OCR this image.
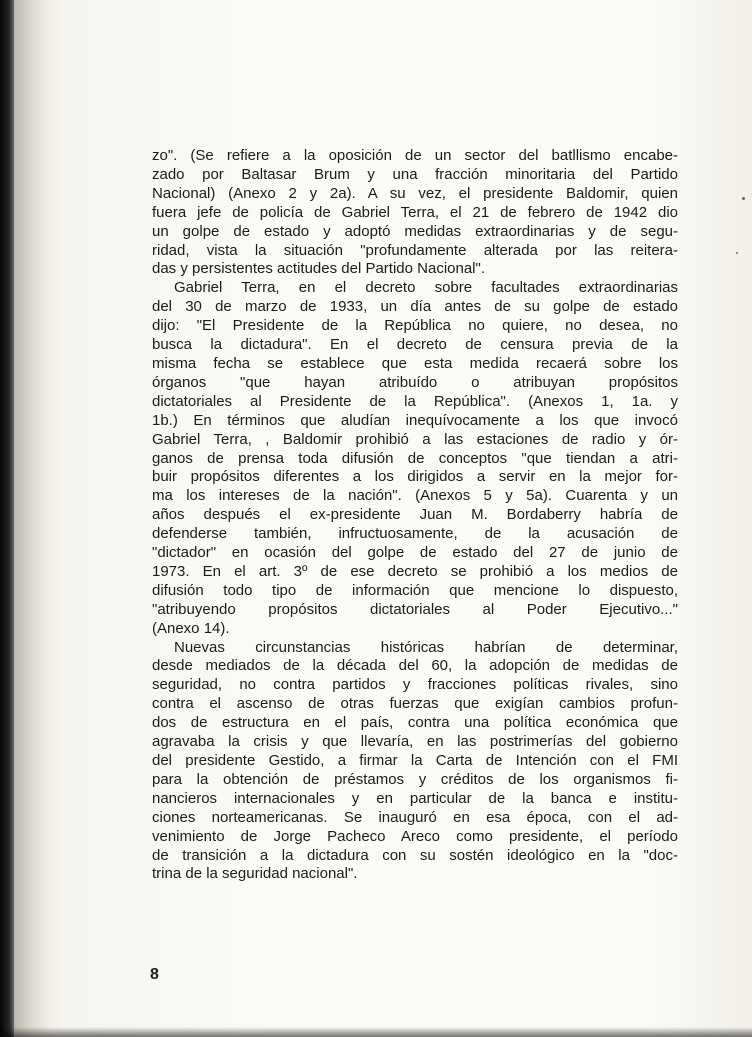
zo". (Se refiere a la oposición de un sector del batllismo encabe-
zado por Baltasar Brum y una fracción minoritaria del Partido
Nacional) (Anexo 2 y 2a). A su vez, el presidente Baldomir, quien
fuera jefe de policía de Gabriel Terra, el 21 de febrero de 1942 dio
un golpe de estado y adoptó medidas extraordinarias y de segu-
ridad, vista la situación "profundamente alterada por las reitera-
das y persistentes actitudes del Partido Nacional".
Gabriel Terra, en el decreto sobre facultades extraordinarias
del 30 de marzo de 1933, un día antes de su golpe de estado
dijo: "El Presidente de la República no quiere, no desea, no
busca la dictadura". En el decreto de censura previa de la
misma fecha se establece que esta medida recaerá sobre los
órganos "que hayan atribuído o atribuyan propósitos
dictatoriales al Presidente de la República". (Anexos 1, 1a. y
1b.) En términos que aludían inequívocamente a los que invocó
Gabriel Terra, , Baldomir prohibió a las estaciones de radio y ór-
ganos de prensa toda difusión de conceptos "que tiendan a atri-
buir propósitos diferentes a los dirigidos a servir en la mejor for-
ma los intereses de la nación". (Anexos 5 y 5a). Cuarenta y un
años después el ex-presidente Juan M. Bordaberry habría de
defenderse también, infructuosamente, de la acusación de
"dictador" en ocasión del golpe de estado del 27 de junio de
1973. En el art. 3º de ese decreto se prohibió a los medios de
difusión todo tipo de información que mencione lo dispuesto,
"atribuyendo propósitos dictatoriales al Poder Ejecutivo..."
(Anexo 14).
Nuevas circunstancias históricas habrían de determinar,
desde mediados de la década del 60, la adopción de medidas de
seguridad, no contra partidos y fracciones políticas rivales, sino
contra el ascenso de otras fuerzas que exigían cambios profun-
dos de estructura en el país, contra una política económica que
agravaba la crisis y que llevaría, en las postrimerías del gobierno
del presidente Gestido, a firmar la Carta de Intención con el FMI
para la obtención de préstamos y créditos de los organismos fi-
nancieros internacionales y en particular de la banca e institu-
ciones norteamericanas. Se inauguró en esa época, con el ad-
venimiento de Jorge Pacheco Areco como presidente, el período
de transición a la dictadura con su sostén ideológico en la "doc-
trina de la seguridad nacional".
8
